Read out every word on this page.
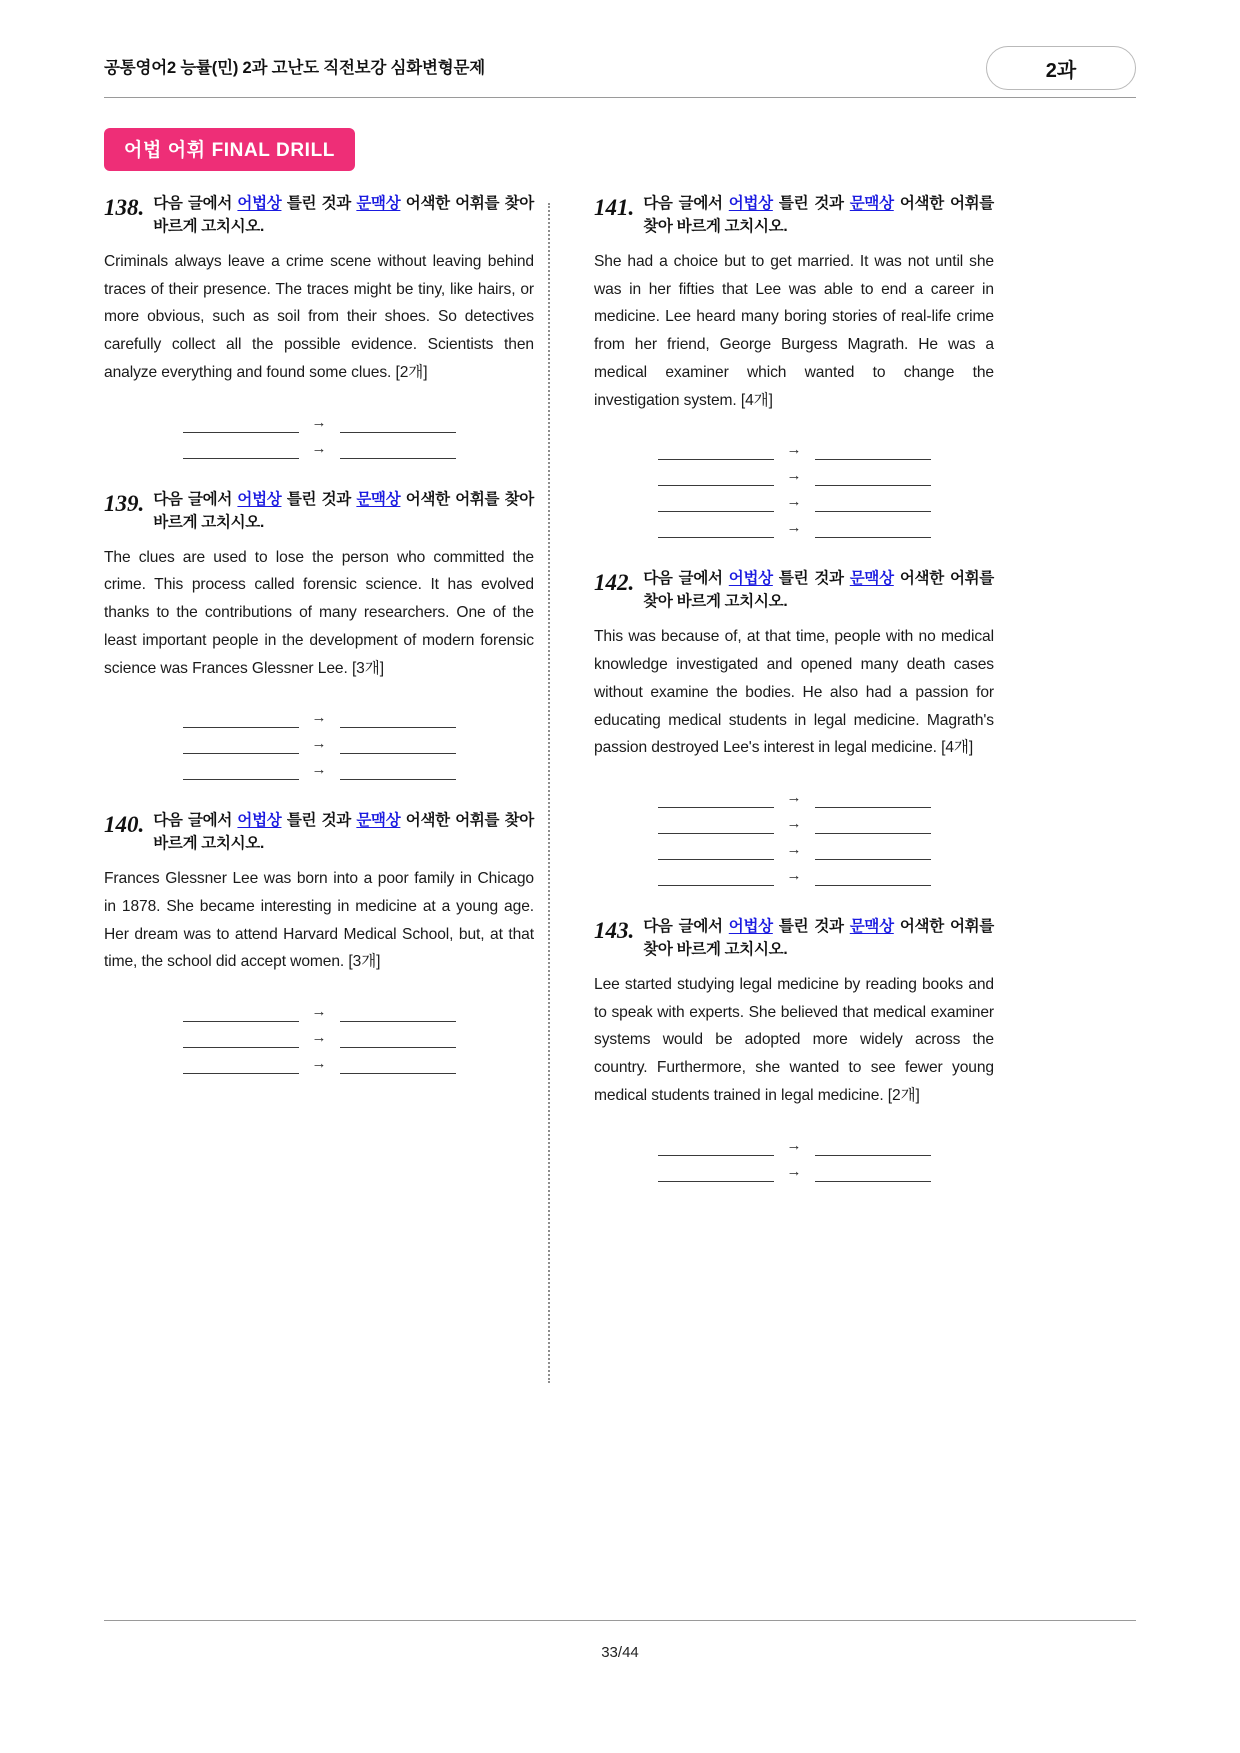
공통영어2 능률(민) 2과 고난도 직전보강 심화변형문제	2과
어법 어휘 FINAL DRILL
138. 다음 글에서 어법상 틀린 것과 문맥상 어색한 어휘를 찾아 바르게 고치시오.
Criminals always leave a crime scene without leaving behind traces of their presence. The traces might be tiny, like hairs, or more obvious, such as soil from their shoes. So detectives carefully collect all the possible evidence. Scientists then analyze everything and found some clues. [2개]
→
→
139. 다음 글에서 어법상 틀린 것과 문맥상 어색한 어휘를 찾아 바르게 고치시오.
The clues are used to lose the person who committed the crime. This process called forensic science. It has evolved thanks to the contributions of many researchers. One of the least important people in the development of modern forensic science was Frances Glessner Lee. [3개]
→
→
→
140. 다음 글에서 어법상 틀린 것과 문맥상 어색한 어휘를 찾아 바르게 고치시오.
Frances Glessner Lee was born into a poor family in Chicago in 1878. She became interesting in medicine at a young age. Her dream was to attend Harvard Medical School, but, at that time, the school did accept women. [3개]
→
→
→
141. 다음 글에서 어법상 틀린 것과 문맥상 어색한 어휘를 찾아 바르게 고치시오.
She had a choice but to get married. It was not until she was in her fifties that Lee was able to end a career in medicine. Lee heard many boring stories of real-life crime from her friend, George Burgess Magrath. He was a medical examiner which wanted to change the investigation system. [4개]
→
→
→
→
142. 다음 글에서 어법상 틀린 것과 문맥상 어색한 어휘를 찾아 바르게 고치시오.
This was because of, at that time, people with no medical knowledge investigated and opened many death cases without examine the bodies. He also had a passion for educating medical students in legal medicine. Magrath's passion destroyed Lee's interest in legal medicine. [4개]
→
→
→
→
143. 다음 글에서 어법상 틀린 것과 문맥상 어색한 어휘를 찾아 바르게 고치시오.
Lee started studying legal medicine by reading books and to speak with experts. She believed that medical examiner systems would be adopted more widely across the country. Furthermore, she wanted to see fewer young medical students trained in legal medicine. [2개]
→
→
33/44
